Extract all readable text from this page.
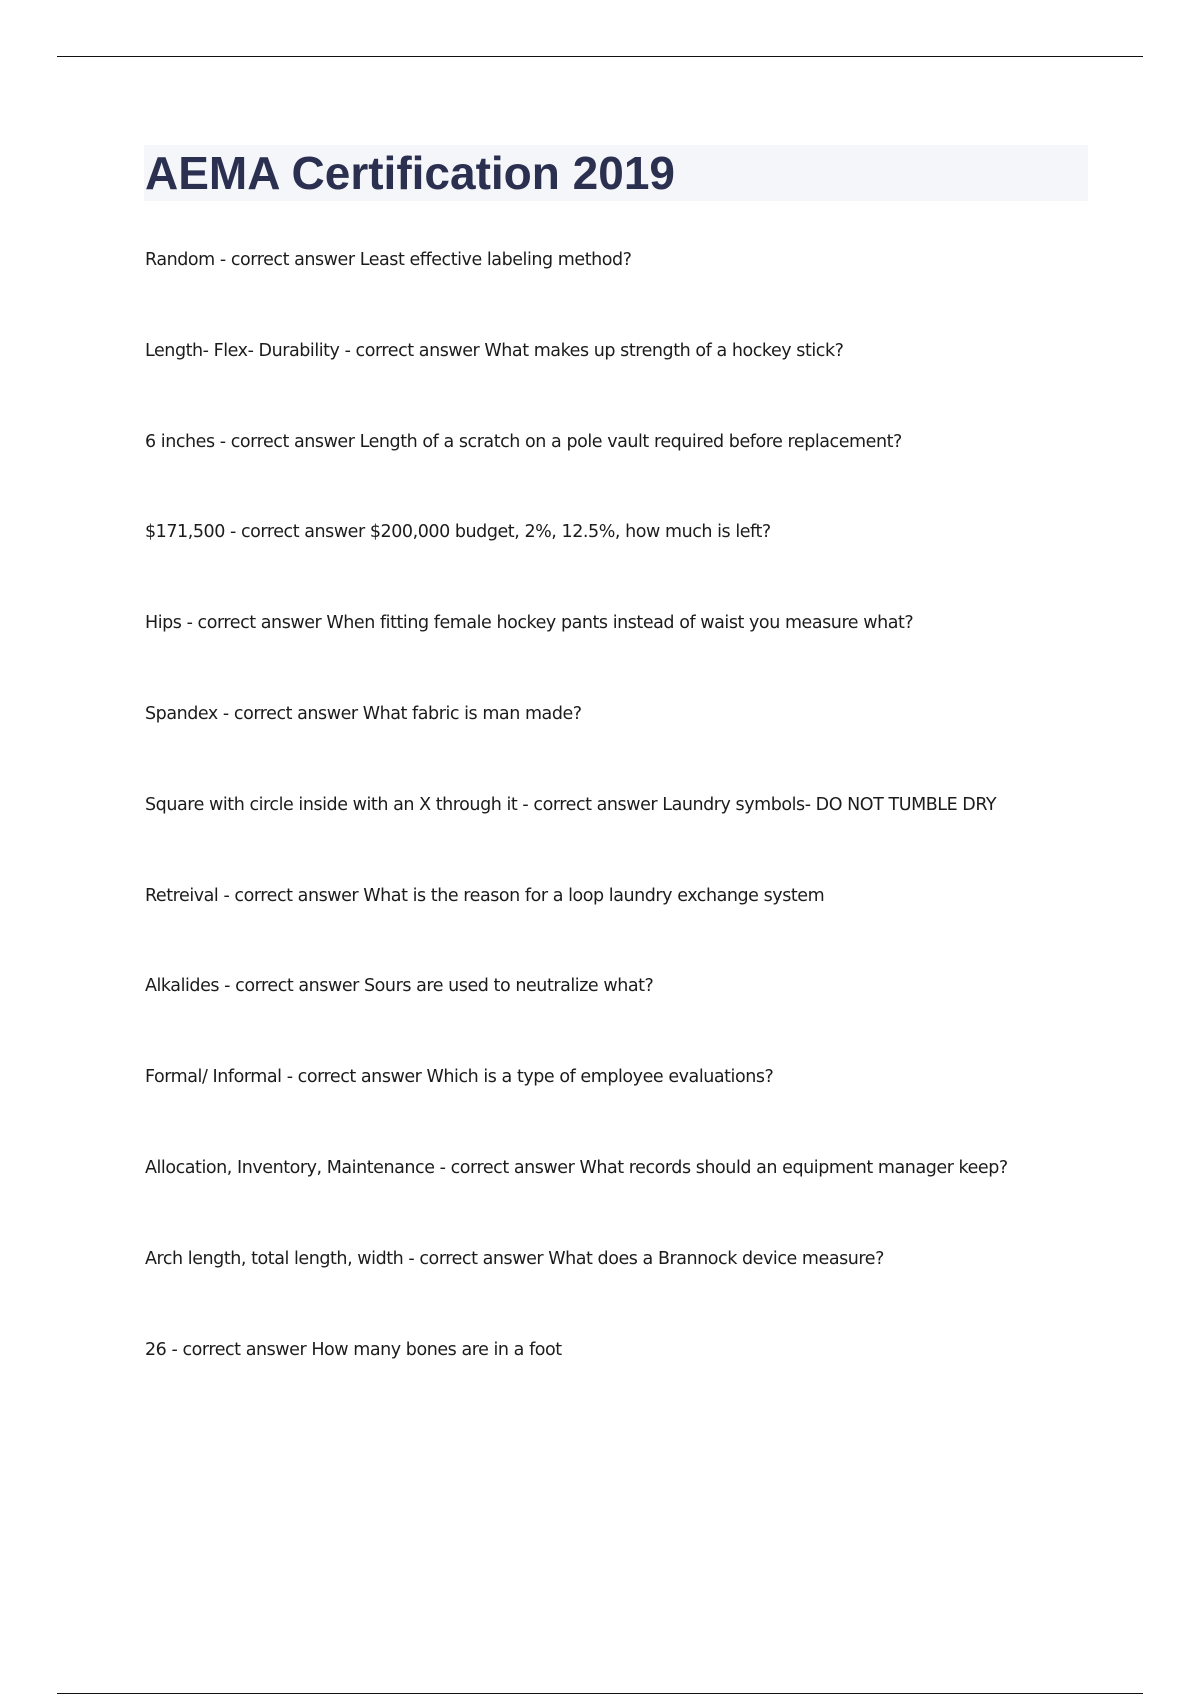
AEMA Certification 2019
Random - correct answer Least effective labeling method?
Length- Flex- Durability - correct answer What makes up strength of a hockey stick?
6 inches - correct answer Length of a scratch on a pole vault required before replacement?
$171,500 - correct answer $200,000 budget, 2%, 12.5%, how much is left?
Hips - correct answer When fitting female hockey pants instead of waist you measure what?
Spandex - correct answer What fabric is man made?
Square with circle inside with an X through it - correct answer Laundry symbols- DO NOT TUMBLE DRY
Retreival - correct answer What is the reason for a loop laundry exchange system
Alkalides - correct answer Sours are used to neutralize what?
Formal/ Informal - correct answer Which is a type of employee evaluations?
Allocation, Inventory, Maintenance - correct answer What records should an equipment manager keep?
Arch length, total length, width - correct answer What does a Brannock device measure?
26 - correct answer How many bones are in a foot
